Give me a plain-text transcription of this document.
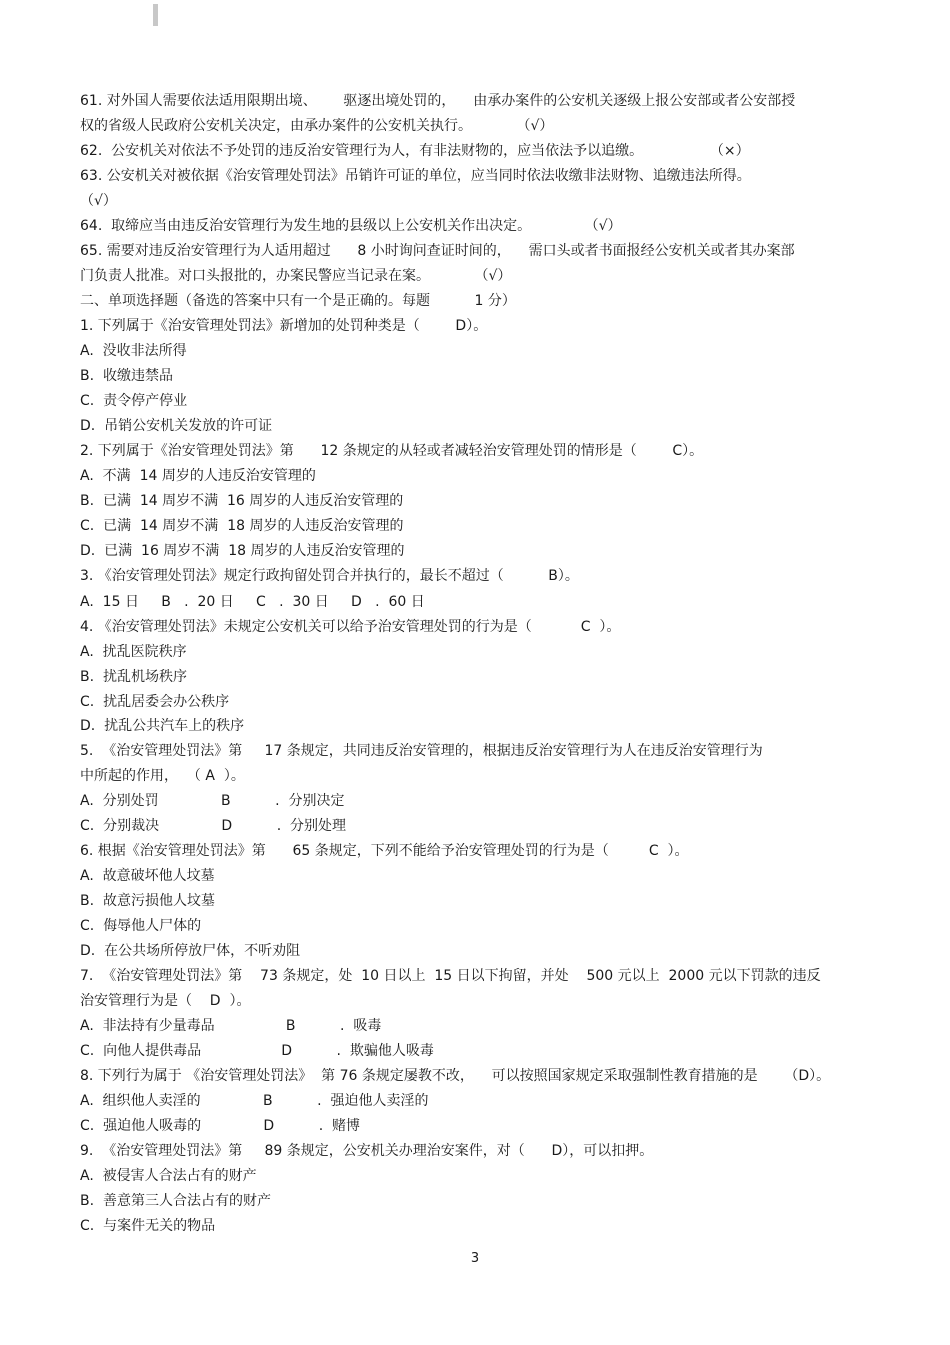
61. 对外国人需要依法适用限期出境、      驱逐出境处罚的，    由承办案件的公安机关逐级上报公安部或者公安部授
权的省级人民政府公安机关决定，由承办案件的公安机关执行。          （√）
62.  公安机关对依法不予处罚的违反治安管理行为人，有非法财物的，应当依法予以追缴。               （×）
63. 公安机关对被依据《治安管理处罚法》吊销许可证的单位，应当同时依法收缴非法财物、追缴违法所得。
（√）
64.  取缔应当由违反治安管理行为发生地的县级以上公安机关作出决定。            （√）
65. 需要对违反治安管理行为人适用超过      8 小时询问查证时间的，    需口头或者书面报经公安机关或者其办案部
门负责人批准。对口头报批的，办案民警应当记录在案。          （√）
二、单项选择题（备选的答案中只有一个是正确的。每题          1 分）
1. 下列属于《治安管理处罚法》新增加的处罚种类是（        D）。
A.  没收非法所得
B.  收缴违禁品
C.  责令停产停业
D.  吊销公安机关发放的许可证
2. 下列属于《治安管理处罚法》第      12 条规定的从轻或者减轻治安管理处罚的情形是（        C）。
A.  不满  14 周岁的人违反治安管理的
B.  已满  14 周岁不满  16 周岁的人违反治安管理的
C.  已满  14 周岁不满  18 周岁的人违反治安管理的
D.  已满  16 周岁不满  18 周岁的人违反治安管理的
3. 《治安管理处罚法》规定行政拘留处罚合并执行的，最长不超过（          B）。
A.  15 日     B   .  20 日     C   .  30 日     D   .  60 日
4. 《治安管理处罚法》未规定公安机关可以给予治安管理处罚的行为是（           C  ）。
A.  扰乱医院秩序
B.  扰乱机场秩序
C.  扰乱居委会办公秩序
D.  扰乱公共汽车上的秩序
5.  《治安管理处罚法》第     17 条规定，共同违反治安管理的，根据违反治安管理行为人在违反治安管理行为
中所起的作用，  （ A  ）。
A.  分别处罚              B          .  分别决定
C.  分别裁决              D          .  分别处理
6. 根据《治安管理处罚法》第      65 条规定，下列不能给予治安管理处罚的行为是（         C  ）。
A.  故意破坏他人坟墓
B.  故意污损他人坟墓
C.  侮辱他人尸体的
D.  在公共场所停放尸体，不听劝阻
7.  《治安管理处罚法》第    73 条规定，处  10 日以上  15 日以下拘留，并处    500 元以上  2000 元以下罚款的违反
治安管理行为是（    D  ）。
A.  非法持有少量毒品                B          .  吸毒
C.  向他人提供毒品                  D          .  欺骗他人吸毒
8. 下列行为属于 《治安管理处罚法》  第 76 条规定屡教不改，    可以按照国家规定采取强制性教育措施的是      （D）。
A.  组织他人卖淫的              B          .  强迫他人卖淫的
C.  强迫他人吸毒的              D          .  赌博
9.  《治安管理处罚法》第     89 条规定，公安机关办理治安案件，对（      D），可以扣押。
A.  被侵害人合法占有的财产
B.  善意第三人合法占有的财产
C.  与案件无关的物品
3
